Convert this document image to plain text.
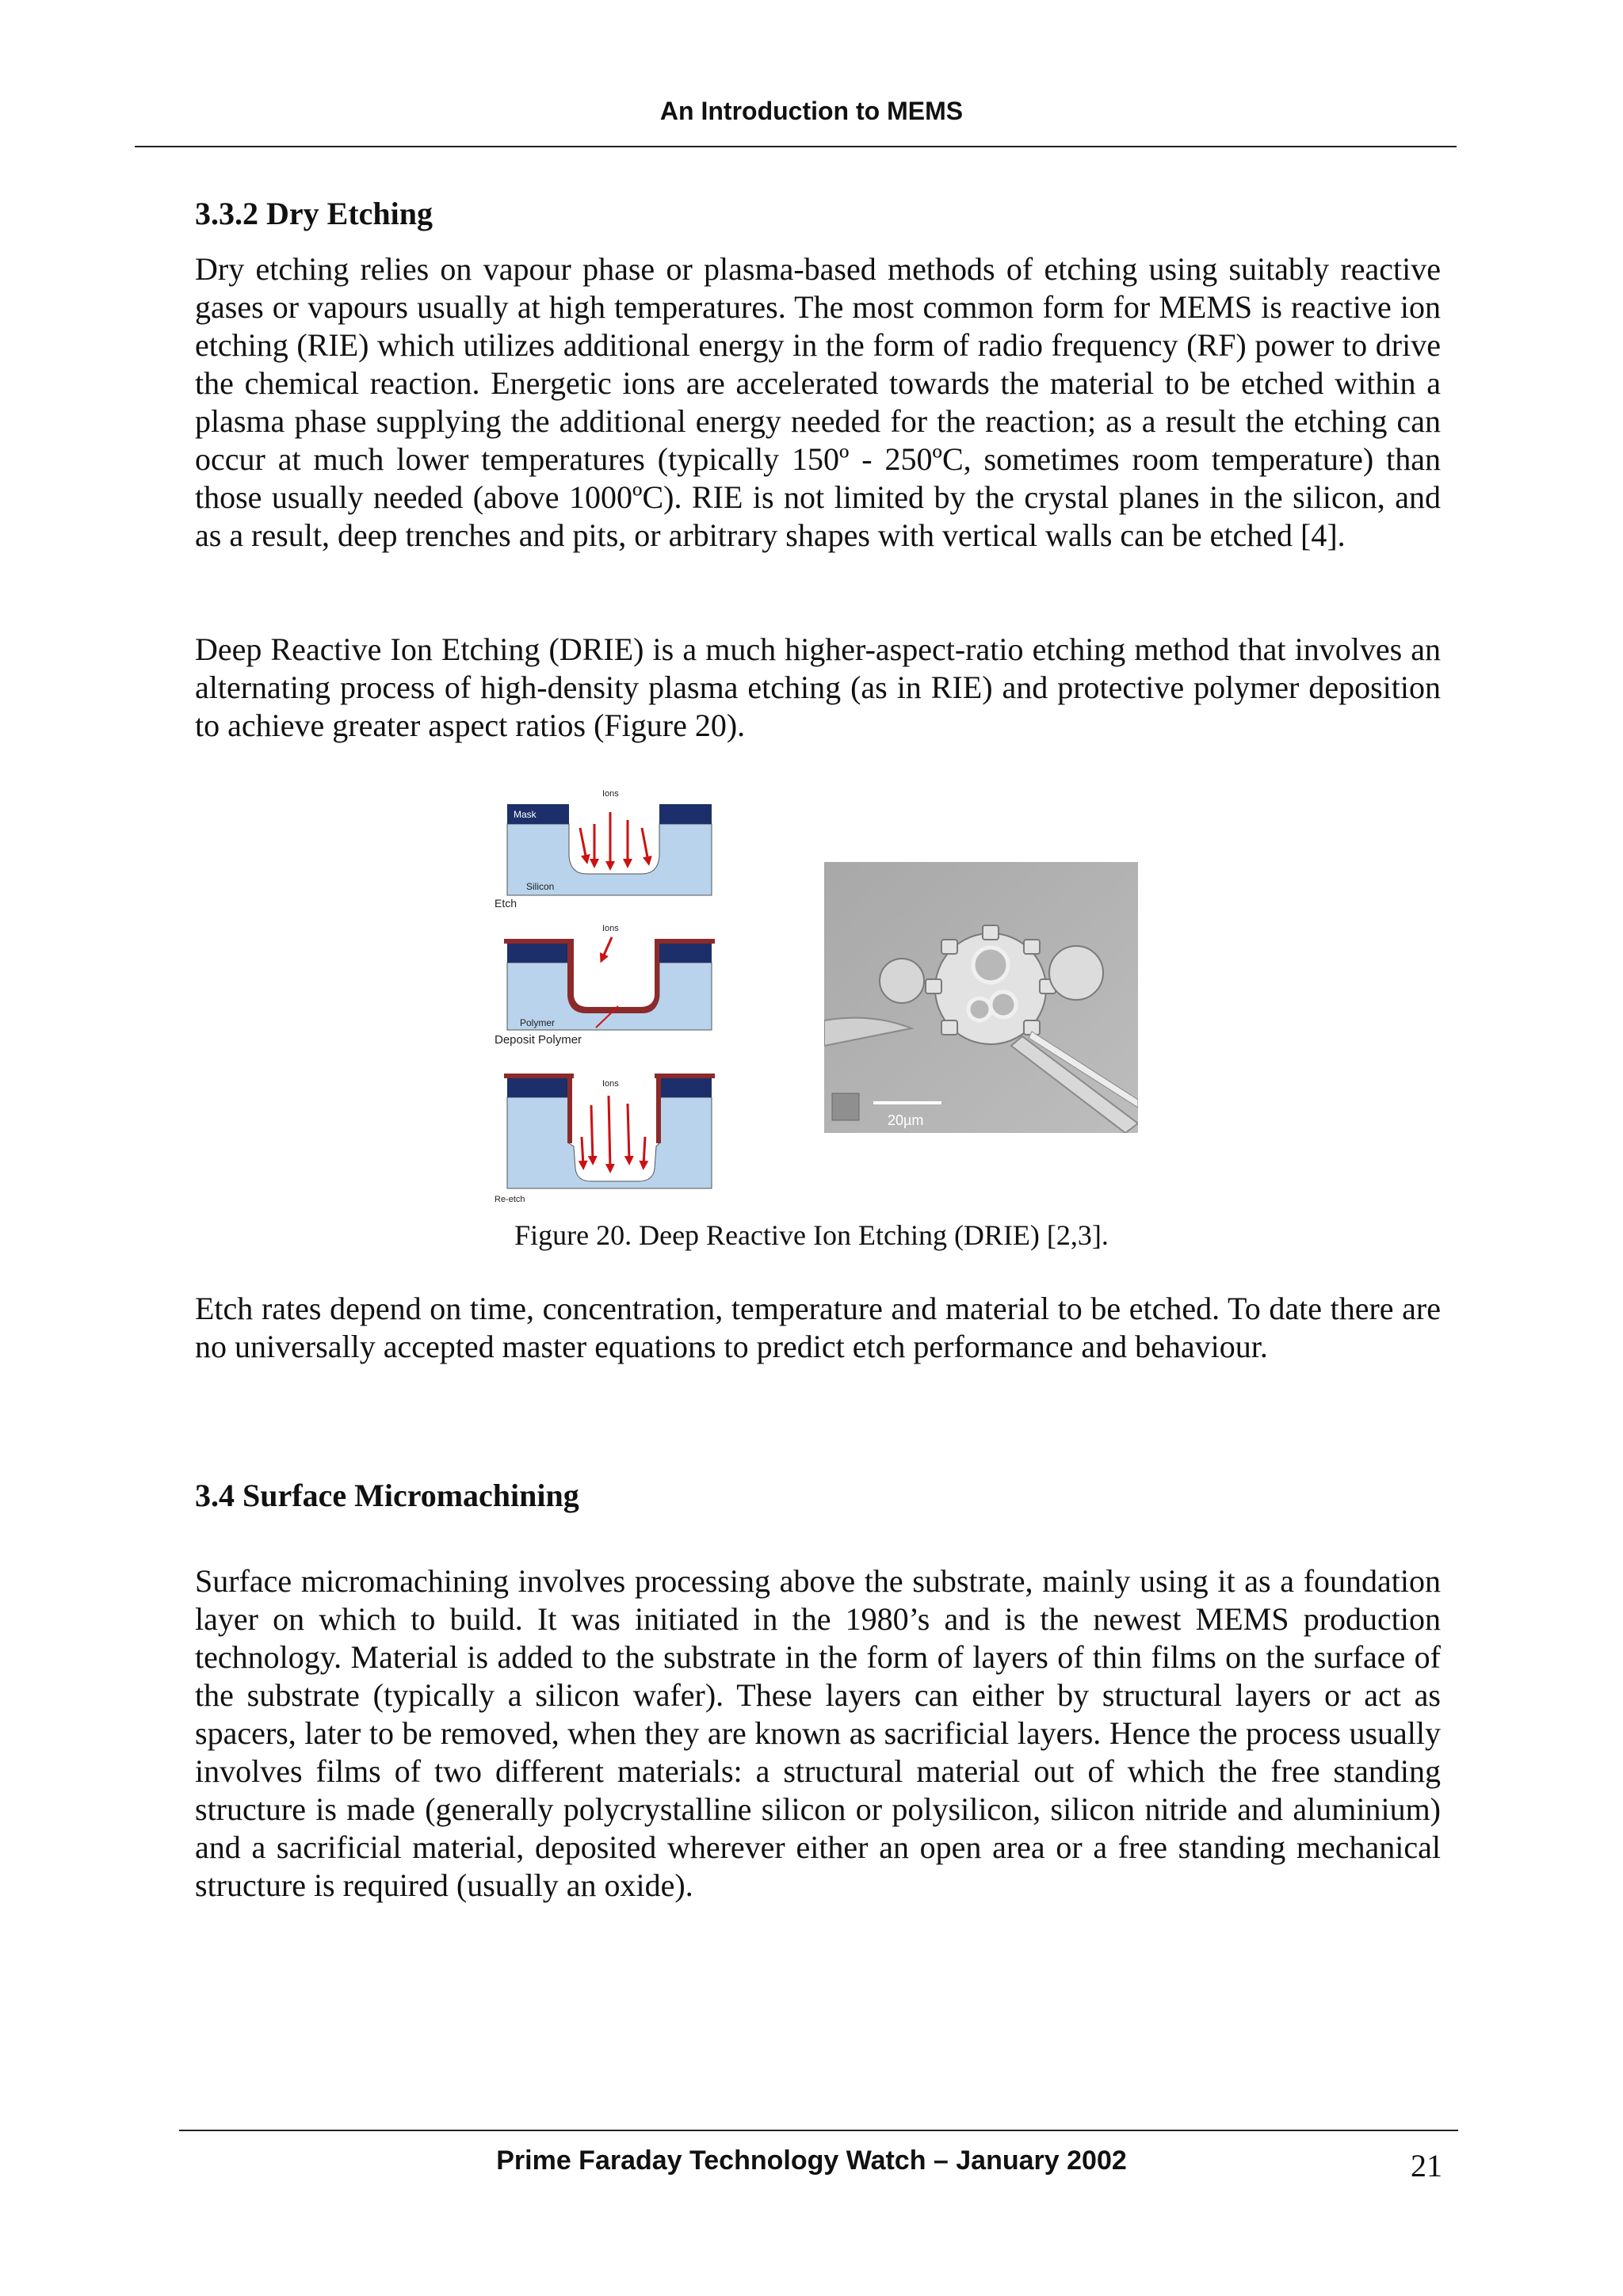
An Introduction to MEMS
3.3.2 Dry Etching

Dry etching relies on vapour phase or plasma-based methods of etching using suitably reactive gases or vapours usually at high temperatures. The most common form for MEMS is reactive ion etching (RIE) which utilizes additional energy in the form of radio frequency (RF) power to drive the chemical reaction. Energetic ions are accelerated towards the material to be etched within a plasma phase supplying the additional energy needed for the reaction; as a result the etching can occur at much lower temperatures (typically 150º - 250ºC, sometimes room temperature) than those usually needed (above 1000ºC). RIE is not limited by the crystal planes in the silicon, and as a result, deep trenches and pits, or arbitrary shapes with vertical walls can be etched [4].

Deep Reactive Ion Etching (DRIE) is a much higher-aspect-ratio etching method that involves an alternating process of high-density plasma etching (as in RIE) and protective polymer deposition to achieve greater aspect ratios (Figure 20).

Mask
Ions
Silicon
Etch
Ions
Polymer
Deposit Polymer
Ions
Re-etch
20µm
Figure 20. Deep Reactive Ion Etching (DRIE) [2,3].

Etch rates depend on time, concentration, temperature and material to be etched. To date there are no universally accepted master equations to predict etch performance and behaviour.

3.4 Surface Micromachining

Surface micromachining involves processing above the substrate, mainly using it as a foundation layer on which to build. It was initiated in the 1980’s and is the newest MEMS production technology. Material is added to the substrate in the form of layers of thin films on the surface of the substrate (typically a silicon wafer). These layers can either by structural layers or act as spacers, later to be removed, when they are known as sacrificial layers. Hence the process usually involves films of two different materials: a structural material out of which the free standing structure is made (generally polycrystalline silicon or polysilicon, silicon nitride and aluminium) and a sacrificial material, deposited wherever either an open area or a free standing mechanical structure is required (usually an oxide).

Prime Faraday Technology Watch – January 2002	21
